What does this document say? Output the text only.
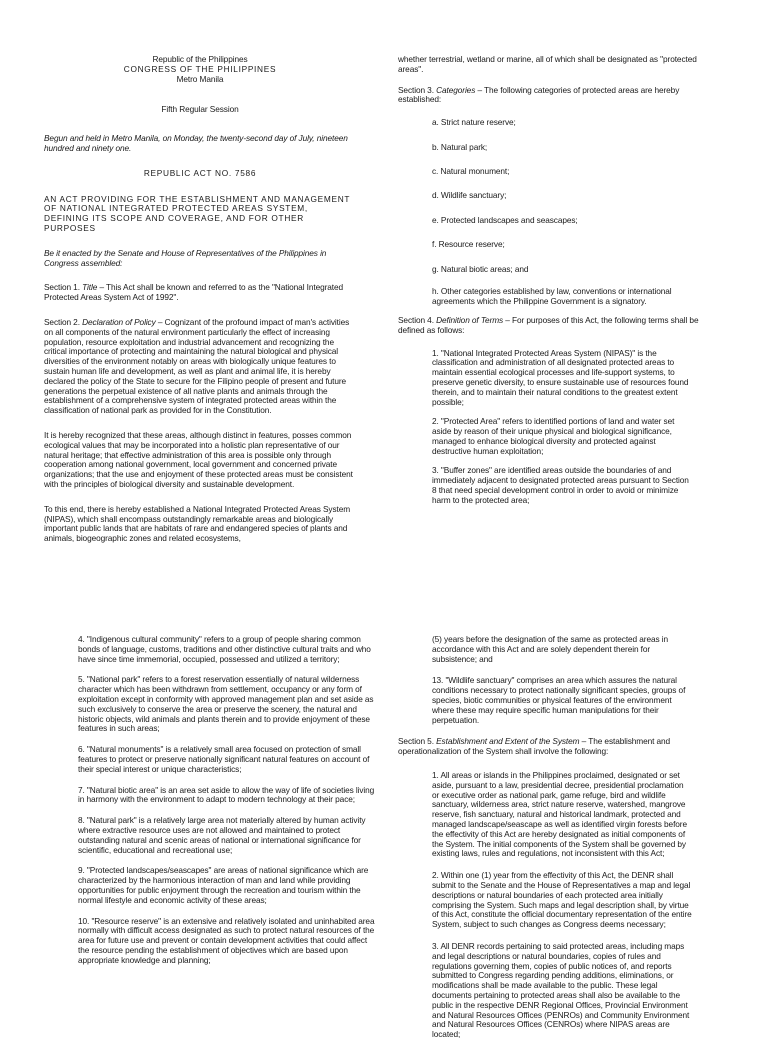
Republic of the Philippines

CONGRESS OF THE PHILIPPINES

Metro Manila

Fifth Regular Session

Begun and held in Metro Manila, on Monday, the twenty-second day of July, nineteen hundred and ninety one.

REPUBLIC ACT NO. 7586

AN ACT PROVIDING FOR THE ESTABLISHMENT AND MANAGEMENT OF NATIONAL INTEGRATED PROTECTED AREAS SYSTEM, DEFINING ITS SCOPE AND COVERAGE, AND FOR OTHER PURPOSES

Be it enacted by the Senate and House of Representatives of the Philippines in Congress assembled:

Section 1. Title – This Act shall be known and referred to as the "National Integrated Protected Areas System Act of 1992".

Section 2. Declaration of Policy – Cognizant of the profound impact of man's activities on all components of the natural environment particularly the effect of increasing population, resource exploitation and industrial advancement and recognizing the critical importance of protecting and maintaining the natural biological and physical diversities of the environment notably on areas with biologically unique features to sustain human life and development, as well as plant and animal life, it is hereby declared the policy of the State to secure for the Filipino people of present and future generations the perpetual existence of all native plants and animals through the establishment of a comprehensive system of integrated protected areas within the classification of national park as provided for in the Constitution.

It is hereby recognized that these areas, although distinct in features, posses common ecological values that may be incorporated into a holistic plan representative of our natural heritage; that effective administration of this area is possible only through cooperation among national government, local government and concerned private organizations; that the use and enjoyment of these protected areas must be consistent with the principles of biological diversity and sustainable development.

To this end, there is hereby established a National Integrated Protected Areas System (NIPAS), which shall encompass outstandingly remarkable areas and biologically important public lands that are habitats of rare and endangered species of plants and animals, biogeographic zones and related ecosystems,

whether terrestrial, wetland or marine, all of which shall be designated as "protected areas".

Section 3. Categories – The following categories of protected areas are hereby established:

a. Strict nature reserve;

b. Natural park;

c. Natural monument;

d. Wildlife sanctuary;

e. Protected landscapes and seascapes;

f. Resource reserve;

g. Natural biotic areas; and

h. Other categories established by law, conventions or international agreements which the Philippine Government is a signatory.

Section 4. Definition of Terms – For purposes of this Act, the following terms shall be defined as follows:

1. "National Integrated Protected Areas System (NIPAS)" is the classification and administration of all designated protected areas to maintain essential ecological processes and life-support systems, to preserve genetic diversity, to ensure sustainable use of resources found therein, and to maintain their natural conditions to the greatest extent possible;

2. "Protected Area" refers to identified portions of land and water set aside by reason of their unique physical and biological significance, managed to enhance biological diversity and protected against destructive human exploitation;

3. "Buffer zones" are identified areas outside the boundaries of and immediately adjacent to designated protected areas pursuant to Section 8 that need special development control in order to avoid or minimize harm to the protected area;

4. "Indigenous cultural community" refers to a group of people sharing common bonds of language, customs, traditions and other distinctive cultural traits and who have since time immemorial, occupied, possessed and utilized a territory;

5. "National park" refers to a forest reservation essentially of natural wilderness character which has been withdrawn from settlement, occupancy or any form of exploitation except in conformity with approved management plan and set aside as such exclusively to conserve the area or preserve the scenery, the natural and historic objects, wild animals and plants therein and to provide enjoyment of these features in such areas;

6. "Natural monuments" is a relatively small area focused on protection of small features to protect or preserve nationally significant natural features on account of their special interest or unique characteristics;

7. "Natural biotic area" is an area set aside to allow the way of life of societies living in harmony with the environment to adapt to modern technology at their pace;

8. "Natural park" is a relatively large area not materially altered by human activity where extractive resource uses are not allowed and maintained to protect outstanding natural and scenic areas of national or international significance for scientific, educational and recreational use;

9. "Protected landscapes/seascapes" are areas of national significance which are characterized by the harmonious interaction of man and land while providing opportunities for public enjoyment through the recreation and tourism within the normal lifestyle and economic activity of these areas;

10. "Resource reserve" is an extensive and relatively isolated and uninhabited area normally with difficult access designated as such to protect natural resources of the area for future use and prevent or contain development activities that could affect the resource pending the establishment of objectives which are based upon appropriate knowledge and planning;

(5) years before the designation of the same as protected areas in accordance with this Act and are solely dependent therein for subsistence; and

13. "Wildlife sanctuary" comprises an area which assures the natural conditions necessary to protect nationally significant species, groups of species, biotic communities or physical features of the environment where these may require specific human manipulations for their perpetuation.

Section 5. Establishment and Extent of the System – The establishment and operationalization of the System shall involve the following:

1. All areas or islands in the Philippines proclaimed, designated or set aside, pursuant to a law, presidential decree, presidential proclamation or executive order as national park, game refuge, bird and wildlife sanctuary, wilderness area, strict nature reserve, watershed, mangrove reserve, fish sanctuary, natural and historical landmark, protected and managed landscape/seascape as well as identified virgin forests before the effectivity of this Act are hereby designated as initial components of the System. The initial components of the System shall be governed by existing laws, rules and regulations, not inconsistent with this Act;

2. Within one (1) year from the effectivity of this Act, the DENR shall submit to the Senate and the House of Representatives a map and legal descriptions or natural boundaries of each protected area initially comprising the System. Such maps and legal description shall, by virtue of this Act, constitute the official documentary representation of the entire System, subject to such changes as Congress deems necessary;

3. All DENR records pertaining to said protected areas, including maps and legal descriptions or natural boundaries, copies of rules and regulations governing them, copies of public notices of, and reports submitted to Congress regarding pending additions, eliminations, or modifications shall be made available to the public. These legal documents pertaining to protected areas shall also be available to the public in the respective DENR Regional Offices, Provincial Environment and Natural Resources Offices (PENROs) and Community Environment and Natural Resources Offices (CENROs) where NIPAS areas are located;
